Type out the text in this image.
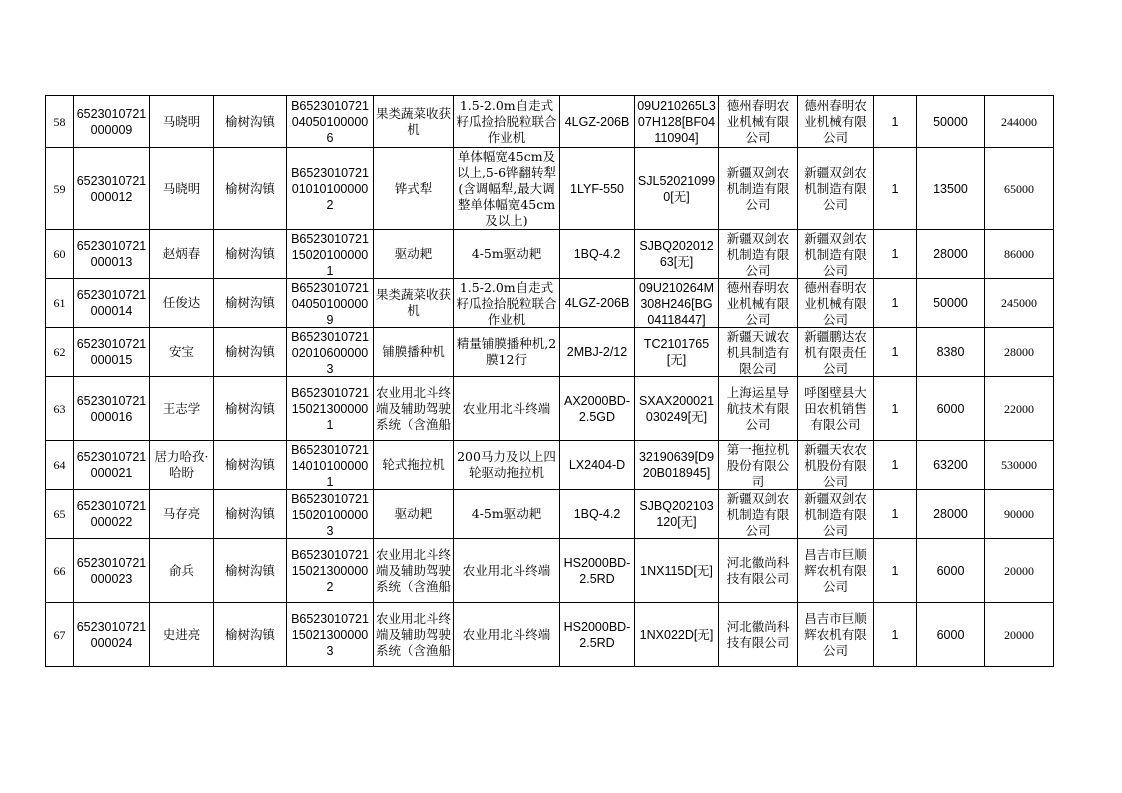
58	6523010721000009	马晓明	榆树沟镇	B6523010721040501000006	果类蔬菜收获机	1.5-2.0m自走式籽瓜捡拾脱粒联合作业机	4LGZ-206B	09U210265L307H128[BF04110904]	德州春明农业机械有限公司	德州春明农业机械有限公司	1	50000	244000

59	6523010721000012	马晓明	榆树沟镇	B6523010721010101000002	铧式犁	单体幅宽45cm及以上,5-6铧翻转犁(含调幅犁,最大调整单体幅宽45cm及以上)	1LYF-550	SJL520210990[无]	新疆双剑农机制造有限公司	新疆双剑农机制造有限公司	1	13500	65000

60	6523010721000013	赵炳春	榆树沟镇	B6523010721150201000001	驱动耙	4-5m驱动耙	1BQ-4.2	SJBQ20201263[无]	新疆双剑农机制造有限公司	新疆双剑农机制造有限公司	1	28000	86000

61	6523010721000014	任俊达	榆树沟镇	B6523010721040501000009	果类蔬菜收获机	1.5-2.0m自走式籽瓜捡拾脱粒联合作业机	4LGZ-206B	09U210264M308H246[BG04118447]	德州春明农业机械有限公司	德州春明农业机械有限公司	1	50000	245000

62	6523010721000015	安宝	榆树沟镇	B6523010721020106000003	铺膜播种机	精量铺膜播种机,2膜12行	2MBJ-2/12	TC2101765[无]	新疆天诚农机具制造有限公司	新疆鹏达农机有限责任公司	1	8380	28000

63	6523010721000016	王志学	榆树沟镇	B6523010721150213000001	农业用北斗终端及辅助驾驶系统（含渔船	农业用北斗终端	AX2000BD-2.5GD	SXAX200021030249[无]	上海运星导航技术有限公司	呼图壁县大田农机销售有限公司	1	6000	22000

64	6523010721000021	居力哈孜·哈盼	榆树沟镇	B6523010721140101000001	轮式拖拉机	200马力及以上四轮驱动拖拉机	LX2404-D	32190639[D920B018945]	第一拖拉机股份有限公司	新疆天农农机股份有限公司	1	63200	530000

65	6523010721000022	马存亮	榆树沟镇	B6523010721150201000003	驱动耙	4-5m驱动耙	1BQ-4.2	SJBQ202103120[无]	新疆双剑农机制造有限公司	新疆双剑农机制造有限公司	1	28000	90000

66	6523010721000023	俞兵	榆树沟镇	B6523010721150213000002	农业用北斗终端及辅助驾驶系统（含渔船	农业用北斗终端	HS2000BD-2.5RD	1NX115D[无]	河北徽尚科技有限公司	昌吉市巨顺辉农机有限公司	1	6000	20000

67	6523010721000024	史进亮	榆树沟镇	B6523010721150213000003	农业用北斗终端及辅助驾驶系统（含渔船	农业用北斗终端	HS2000BD-2.5RD	1NX022D[无]	河北徽尚科技有限公司	昌吉市巨顺辉农机有限公司	1	6000	20000
